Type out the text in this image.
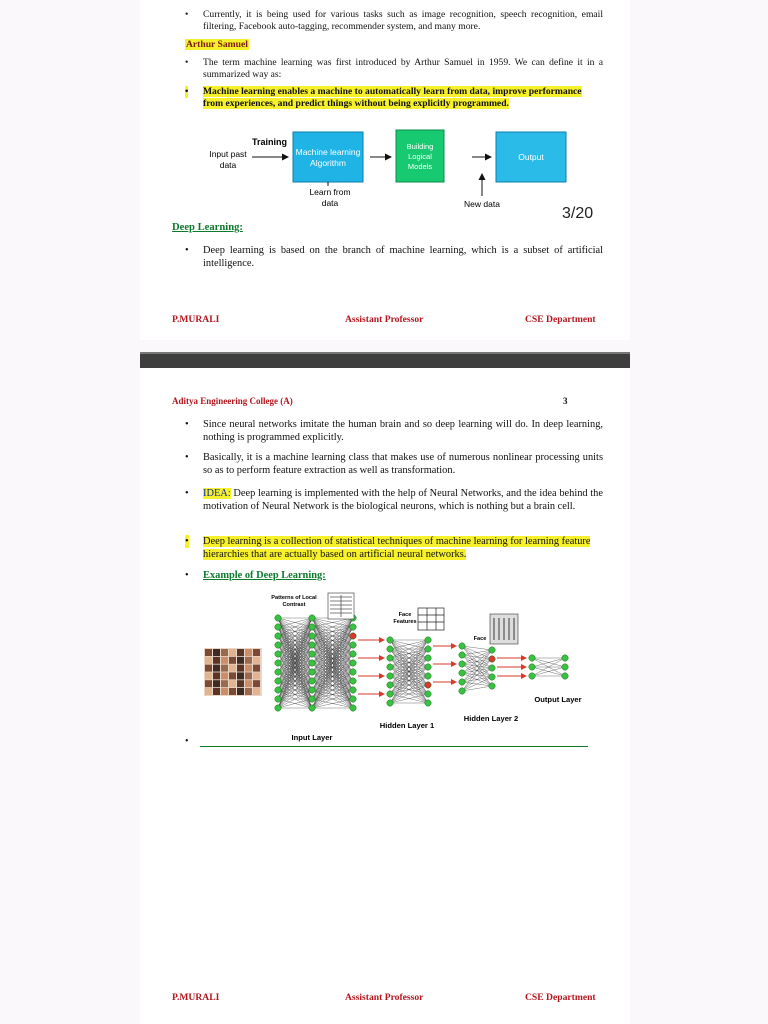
• Currently, it is being used for various tasks such as image recognition, speech recognition, email filtering, Facebook auto-tagging, recommender system, and many more.
Arthur Samuel
• The term machine learning was first introduced by Arthur Samuel in 1959. We can define it in a summarized way as:
• Machine learning enables a machine to automatically learn from data, improve performance from experiences, and predict things without being explicitly programmed.
Training
Input past
data
Machine learning
Algorithm
Learn from
data
Building
Logical
Models
New data
Output
3/20
Deep Learning:
• Deep learning is based on the branch of machine learning, which is a subset of artificial intelligence.
P.MURALI	Assistant Professor	CSE Department
Aditya Engineering College (A)	3
• Since neural networks imitate the human brain and so deep learning will do. In deep learning, nothing is programmed explicitly.
• Basically, it is a machine learning class that makes use of numerous nonlinear processing units so as to perform feature extraction as well as transformation.
• IDEA: Deep learning is implemented with the help of Neural Networks, and the idea behind the motivation of Neural Network is the biological neurons, which is nothing but a brain cell.
• Deep learning is a collection of statistical techniques of machine learning for learning feature hierarchies that are actually based on artificial neural networks.
• Example of Deep Learning:
Patterns of Local
Contrast
Face
Features
Face
Input Layer
Hidden Layer 1
Hidden Layer 2
Output Layer
•
P.MURALI	Assistant Professor	CSE Department
